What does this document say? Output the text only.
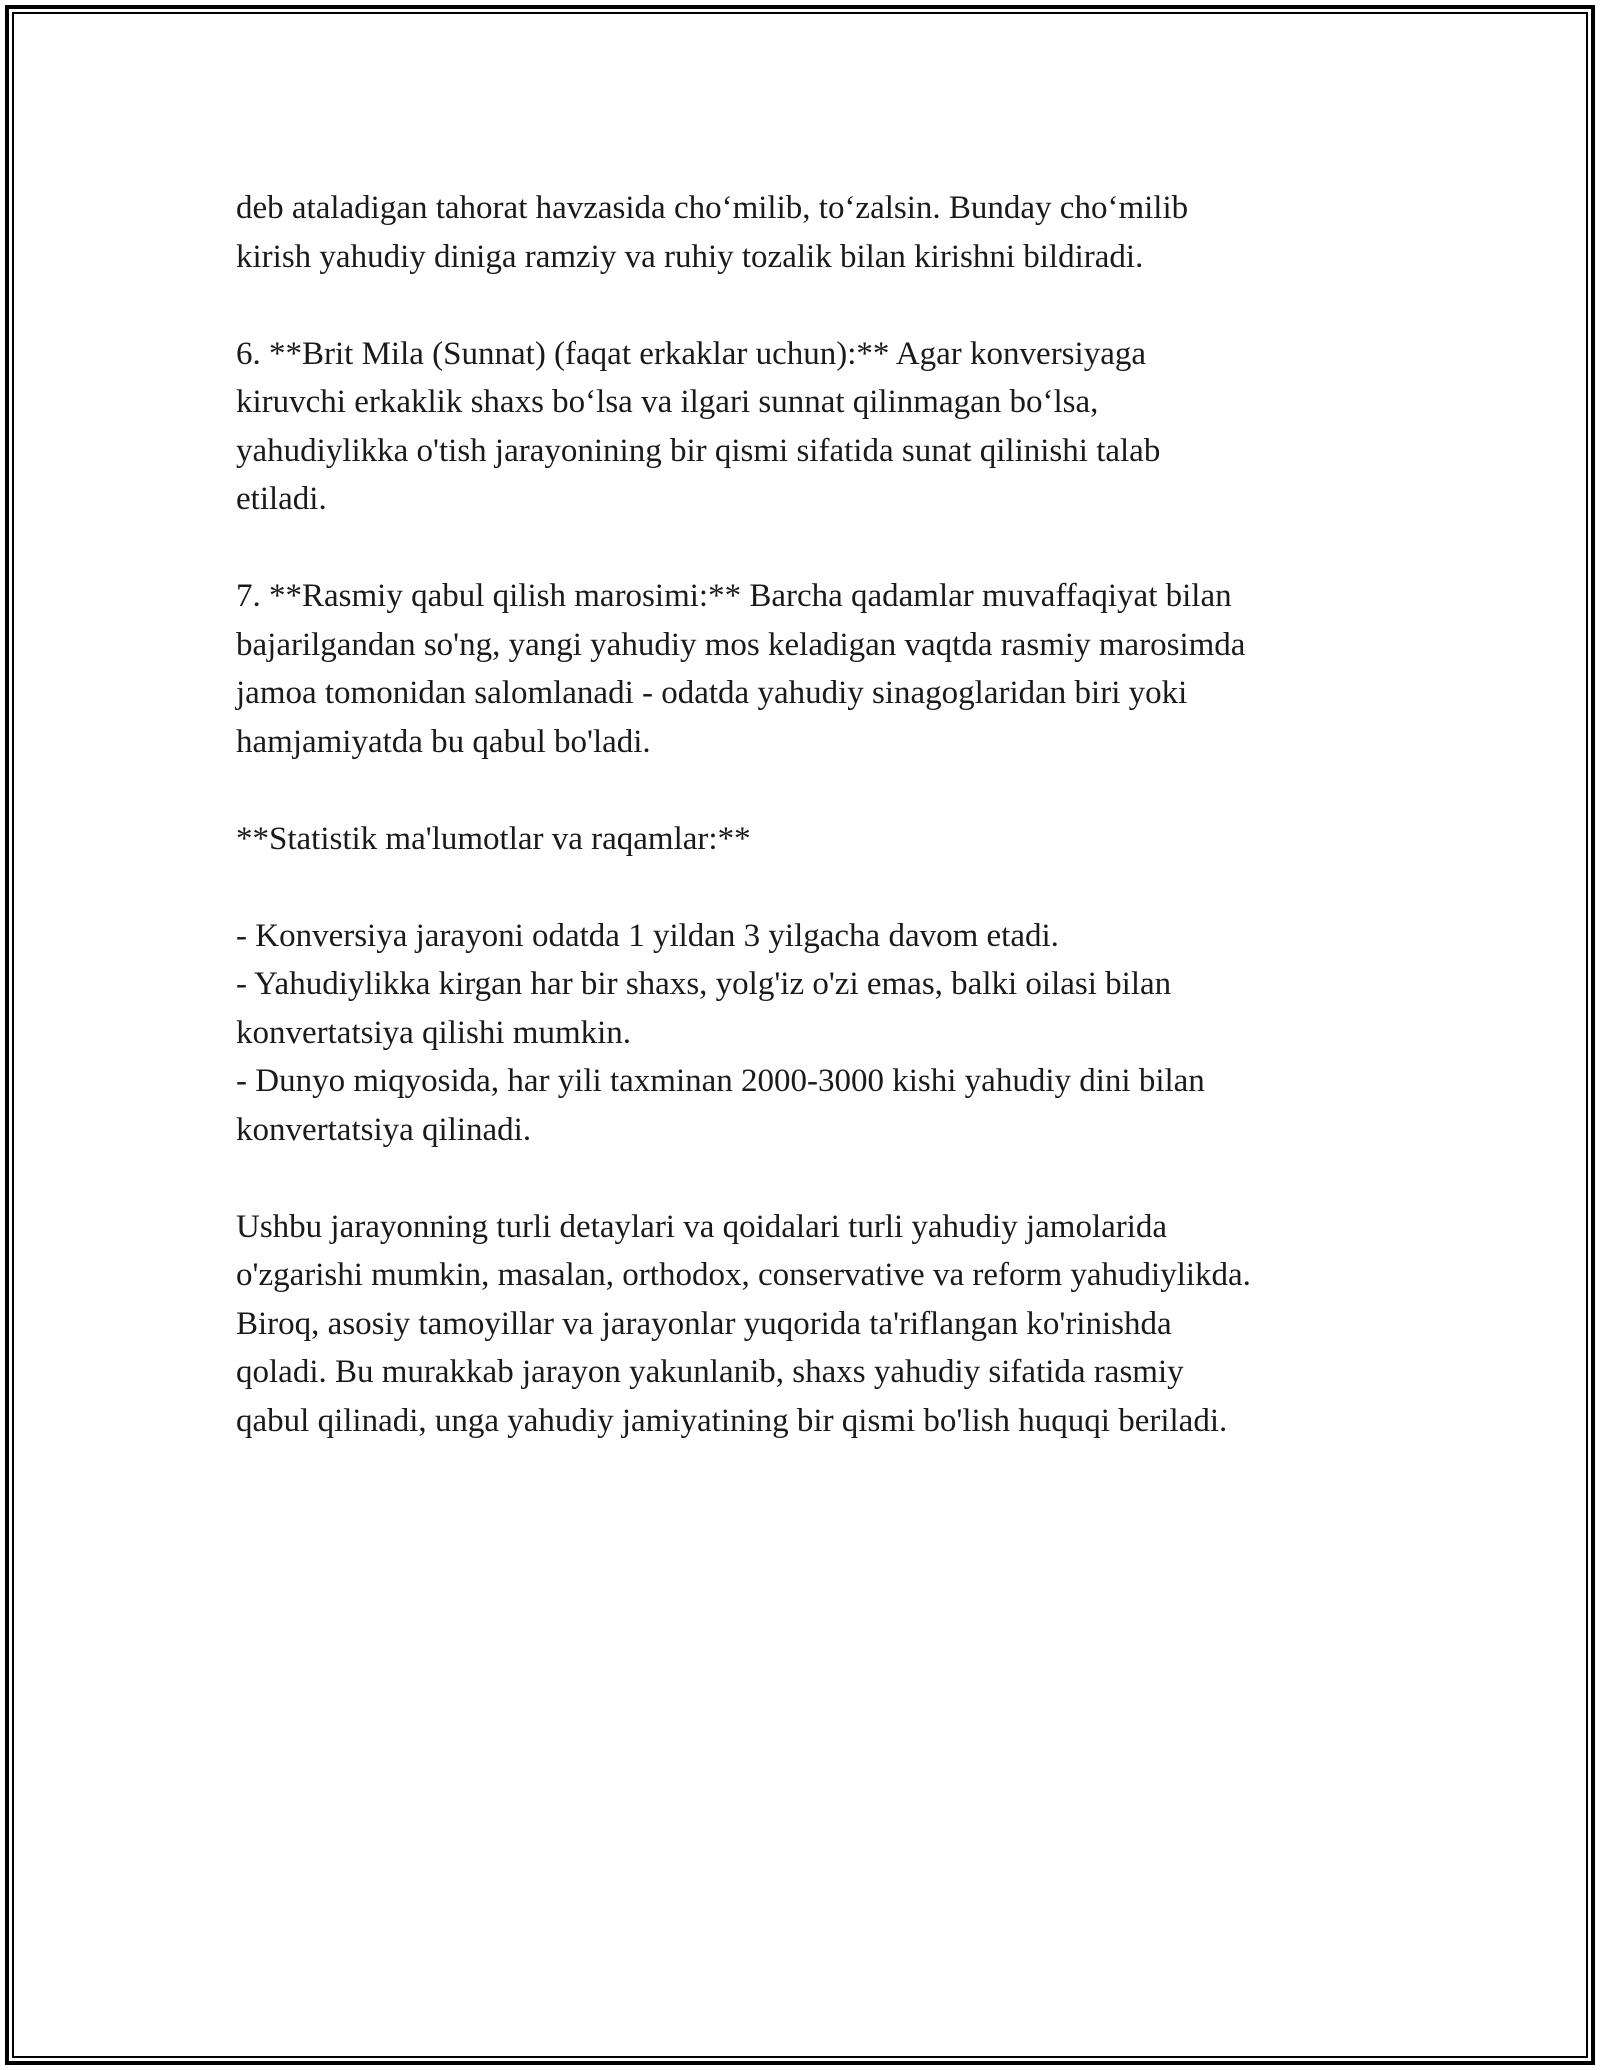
deb ataladigan tahorat havzasida cho‘milib, to‘zalsin. Bunday cho‘milib
kirish yahudiy diniga ramziy va ruhiy tozalik bilan kirishni bildiradi.

6. **Brit Mila (Sunnat) (faqat erkaklar uchun):** Agar konversiyaga
kiruvchi erkaklik shaxs bo‘lsa va ilgari sunnat qilinmagan bo‘lsa,
yahudiylikka o'tish jarayonining bir qismi sifatida sunat qilinishi talab
etiladi.

7. **Rasmiy qabul qilish marosimi:** Barcha qadamlar muvaffaqiyat bilan
bajarilgandan so'ng, yangi yahudiy mos keladigan vaqtda rasmiy marosimda
jamoa tomonidan salomlanadi - odatda yahudiy sinagoglaridan biri yoki
hamjamiyatda bu qabul bo'ladi.

**Statistik ma'lumotlar va raqamlar:**

- Konversiya jarayoni odatda 1 yildan 3 yilgacha davom etadi.
- Yahudiylikka kirgan har bir shaxs, yolg'iz o'zi emas, balki oilasi bilan
konvertatsiya qilishi mumkin.
- Dunyo miqyosida, har yili taxminan 2000-3000 kishi yahudiy dini bilan
konvertatsiya qilinadi.

Ushbu jarayonning turli detaylari va qoidalari turli yahudiy jamolarida
o'zgarishi mumkin, masalan, orthodox, conservative va reform yahudiylikda.
Biroq, asosiy tamoyillar va jarayonlar yuqorida ta'riflangan ko'rinishda
qoladi. Bu murakkab jarayon yakunlanib, shaxs yahudiy sifatida rasmiy
qabul qilinadi, unga yahudiy jamiyatining bir qismi bo'lish huquqi beriladi.
